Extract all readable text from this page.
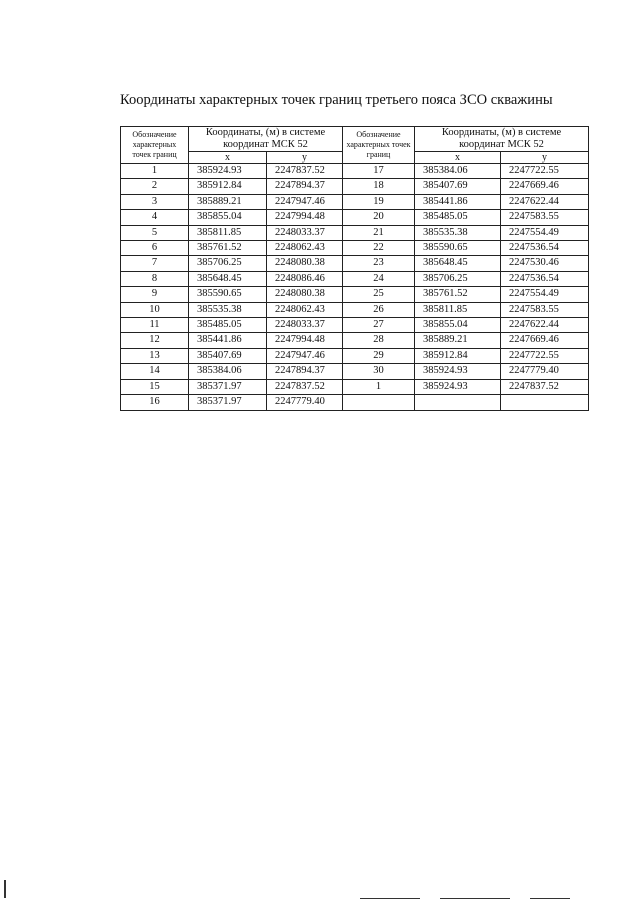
Координаты характерных точек границ третьего пояса ЗСО скважины
Обозначение характерных точек границ	Координаты, (м) в системе координат МСК 52		Обозначение характерных точек границ	Координаты, (м) в системе координат МСК 52	
	x	y		x	y
1	385924.93	2247837.52	17	385384.06	2247722.55
2	385912.84	2247894.37	18	385407.69	2247669.46
3	385889.21	2247947.46	19	385441.86	2247622.44
4	385855.04	2247994.48	20	385485.05	2247583.55
5	385811.85	2248033.37	21	385535.38	2247554.49
6	385761.52	2248062.43	22	385590.65	2247536.54
7	385706.25	2248080.38	23	385648.45	2247530.46
8	385648.45	2248086.46	24	385706.25	2247536.54
9	385590.65	2248080.38	25	385761.52	2247554.49
10	385535.38	2248062.43	26	385811.85	2247583.55
11	385485.05	2248033.37	27	385855.04	2247622.44
12	385441.86	2247994.48	28	385889.21	2247669.46
13	385407.69	2247947.46	29	385912.84	2247722.55
14	385384.06	2247894.37	30	385924.93	2247779.40
15	385371.97	2247837.52	1	385924.93	2247837.52
16	385371.97	2247779.40			
